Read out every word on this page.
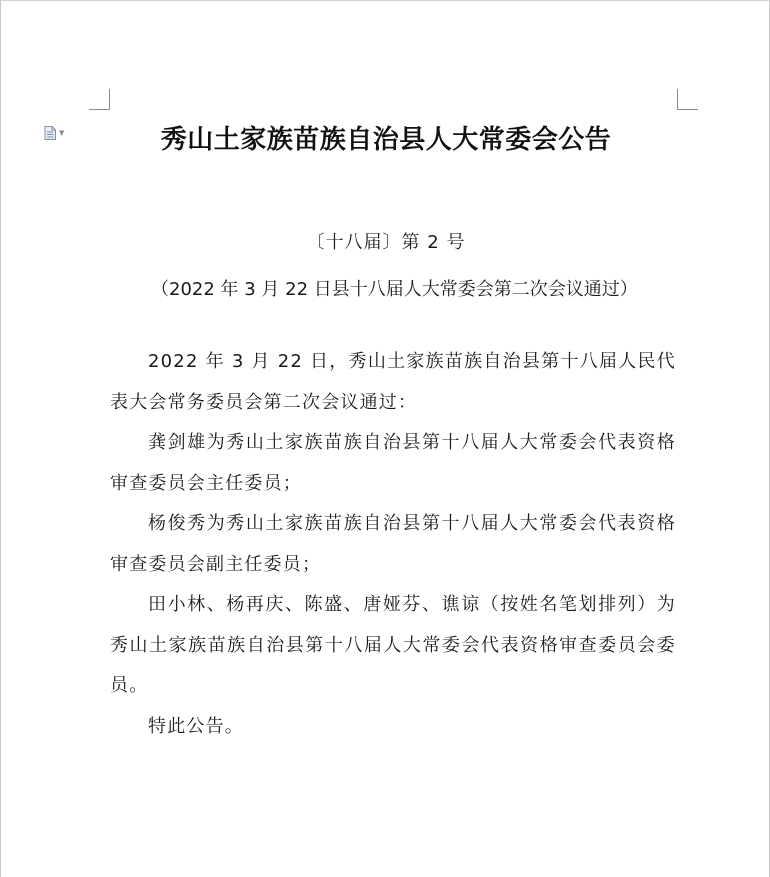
▼	秀山土家族苗族自治县人大常委会公告

〔十八届〕第 2 号

（2022 年 3 月 22 日县十八届人大常委会第二次会议通过）

2022 年 3 月 22 日，秀山土家族苗族自治县第十八届人民代表大会常务委员会第二次会议通过：

龚剑雄为秀山土家族苗族自治县第十八届人大常委会代表资格审查委员会主任委员；

杨俊秀为秀山土家族苗族自治县第十八届人大常委会代表资格审查委员会副主任委员；

田小林、杨再庆、陈盛、唐娅芬、谯谅（按姓名笔划排列）为秀山土家族苗族自治县第十八届人大常委会代表资格审查委员会委员。

特此公告。
